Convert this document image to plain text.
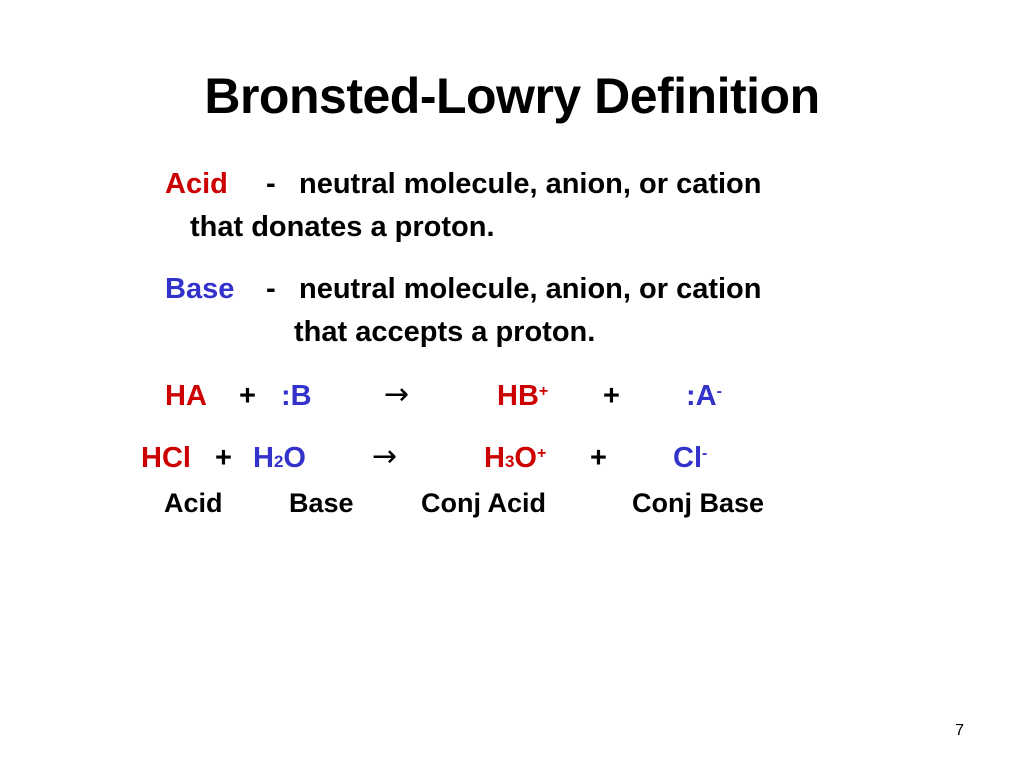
Bronsted-Lowry Definition
Acid - neutral molecule, anion, or cation
that donates a proton.
Base - neutral molecule, anion, or cation
that accepts a proton.
HA + :B →	HB+ + :A-
HCl + $H_2O$ →	$H_3O^+ + Cl^-$
Acid Base Conj Acid	Conj Base
7
